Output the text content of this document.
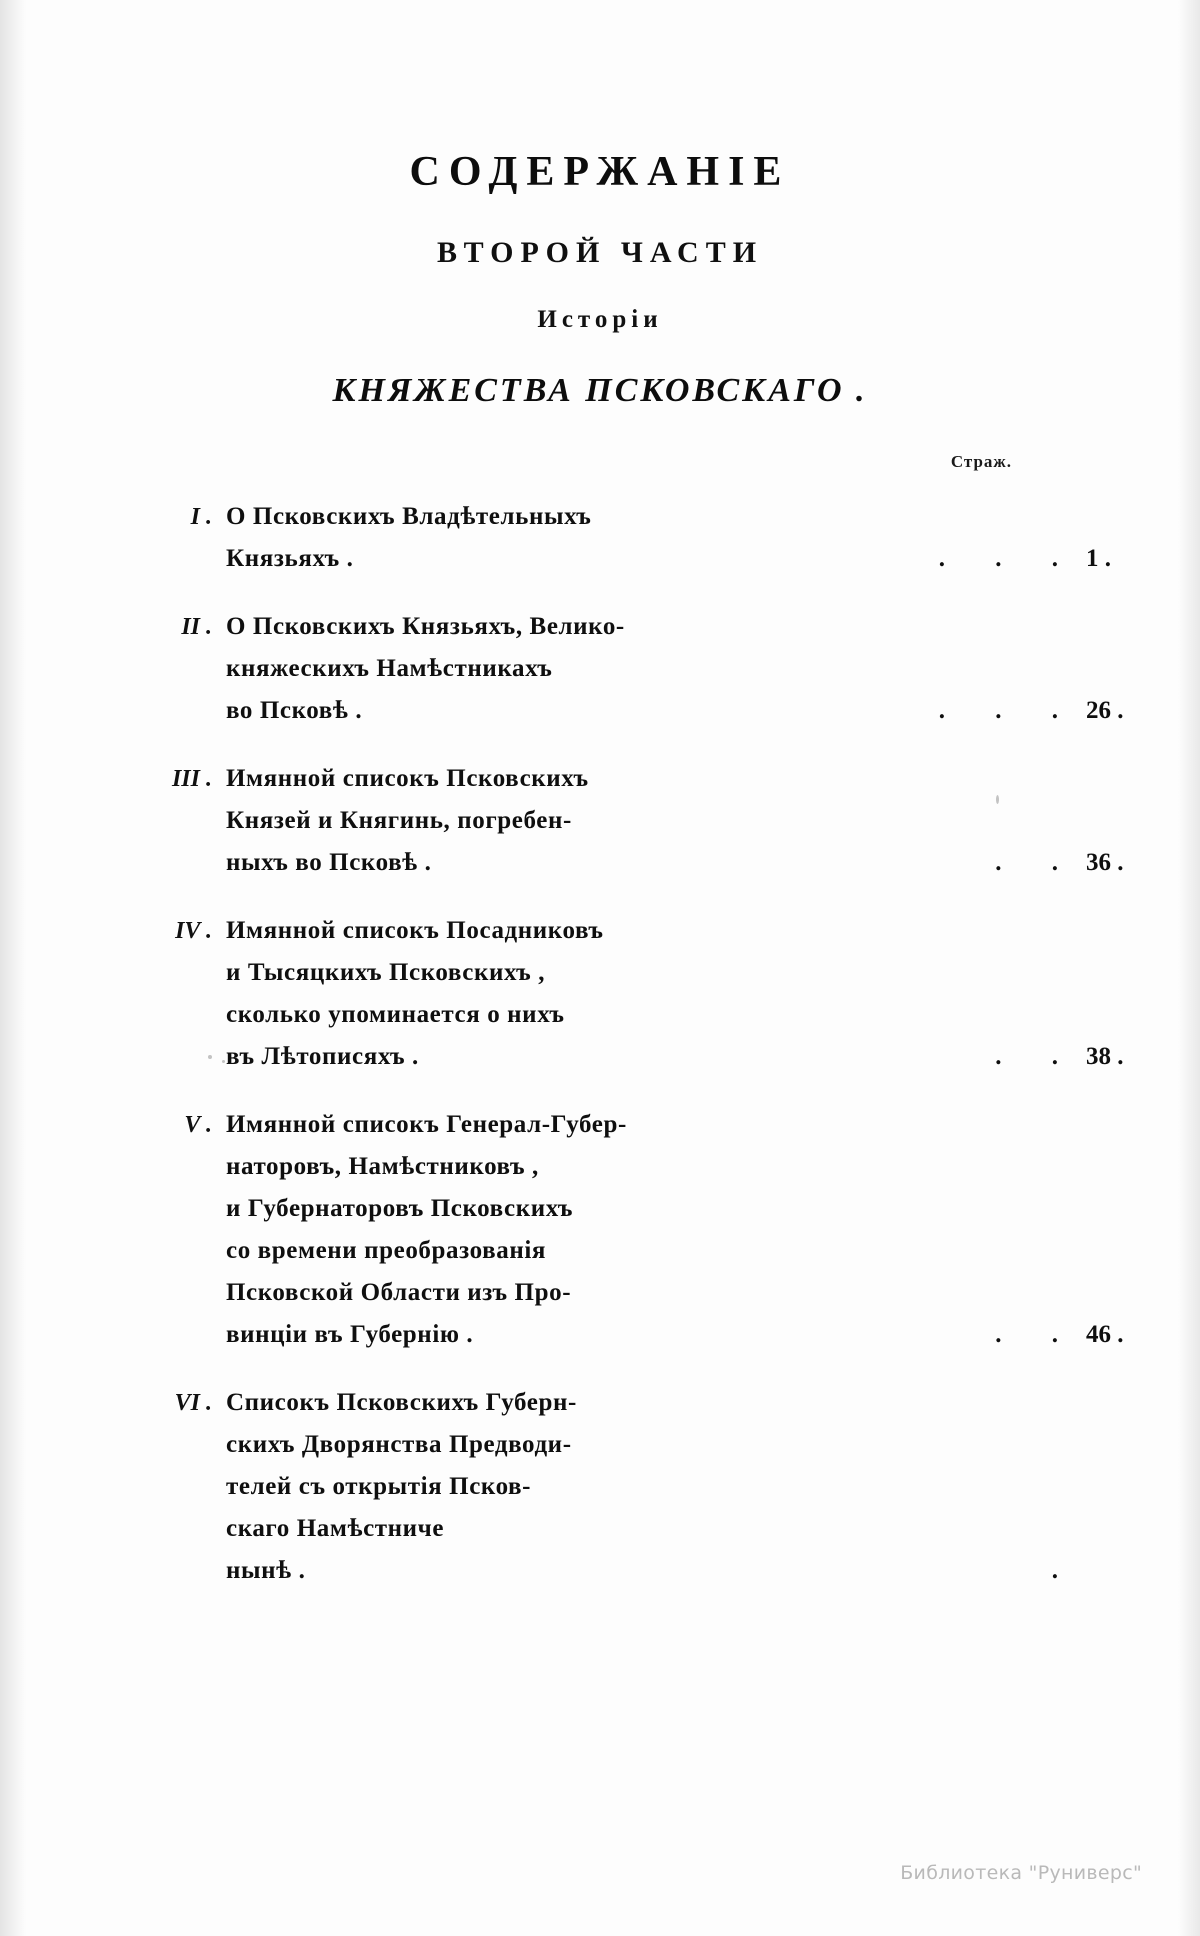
СОДЕРЖАНІЕ
ВТОРОЙ ЧАСТИ
Исторіи
КНЯЖЕСТВА ПСКОВСКАГО .
Страж.
I . О Псковскихъ Владѣтельныхъ
Князьяхъ .	. . . 1 .
II . О Псковскихъ Князьяхъ, Велико-
княжескихъ Намѣстникахъ
во Псковѣ .	. . . 26 .
III . Имянной списокъ Псковскихъ
Князей и Княгинь, погребен-
ныхъ во Псковѣ .	. . 36 .
IV . Имянной списокъ Посадниковъ
и Тысяцкихъ Псковскихъ ,
сколько упоминается о нихъ
въ Лѣтописяхъ .	. . 38 .
V . Имянной списокъ Генерал-Губер-
наторовъ, Намѣстниковъ ,
и Губернаторовъ Псковскихъ
со времени преобразованія
Псковской Области изъ Про-
винціи въ Губернію .	. . 46 .
VI . Списокъ Псковскихъ Губерн-
скихъ Дворянства Предводи-
телей съ открытія Псков-
скаго Намѣстниче
нынѣ .	.
Библиотека "Руниверс"
